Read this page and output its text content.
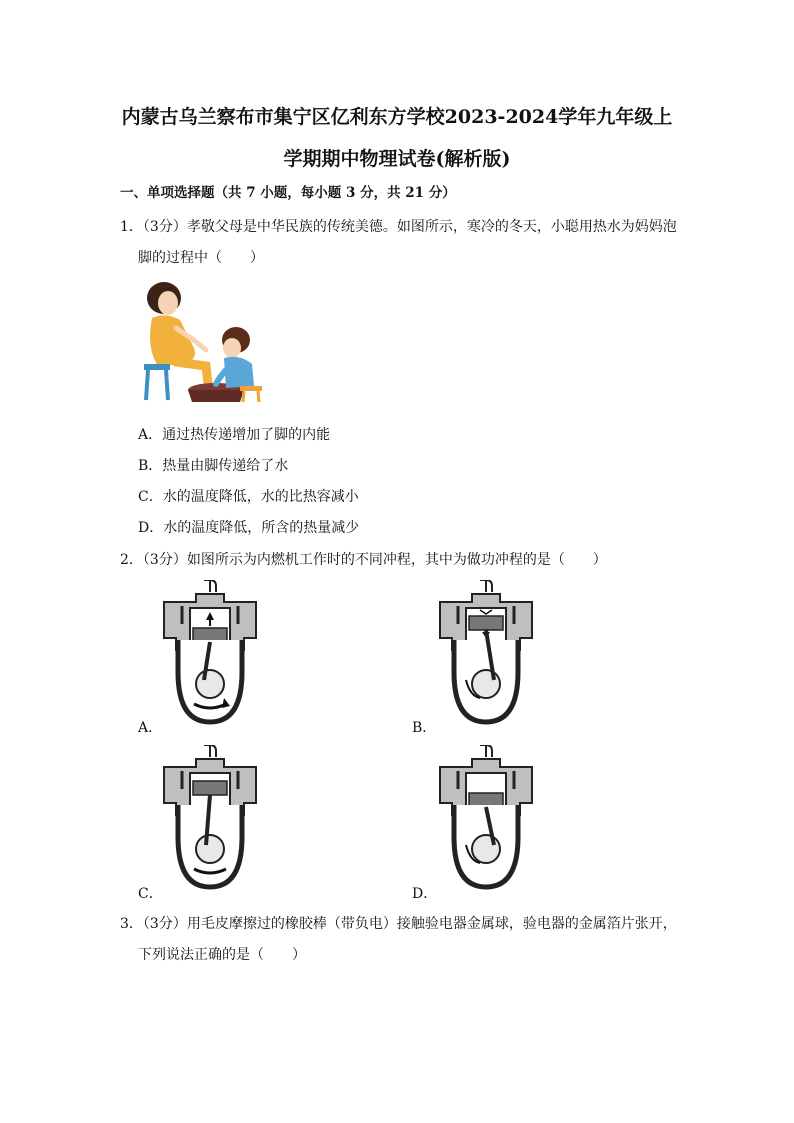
内蒙古乌兰察布市集宁区亿利东方学校2023-2024学年九年级上
学期期中物理试卷(解析版)
一、单项选择题（共 7 小题，每小题 3 分，共 21 分）
1．（3分）孝敬父母是中华民族的传统美德。如图所示，寒冷的冬天，小聪用热水为妈妈泡
脚的过程中（　　）
A．通过热传递增加了脚的内能
B．热量由脚传递给了水
C．水的温度降低，水的比热容减小
D．水的温度降低，所含的热量减少
2．（3分）如图所示为内燃机工作时的不同冲程，其中为做功冲程的是（　　）
A．	B．
C．	D．
3．（3分）用毛皮摩擦过的橡胶棒（带负电）接触验电器金属球，验电器的金属箔片张开，
下列说法正确的是（　　）
